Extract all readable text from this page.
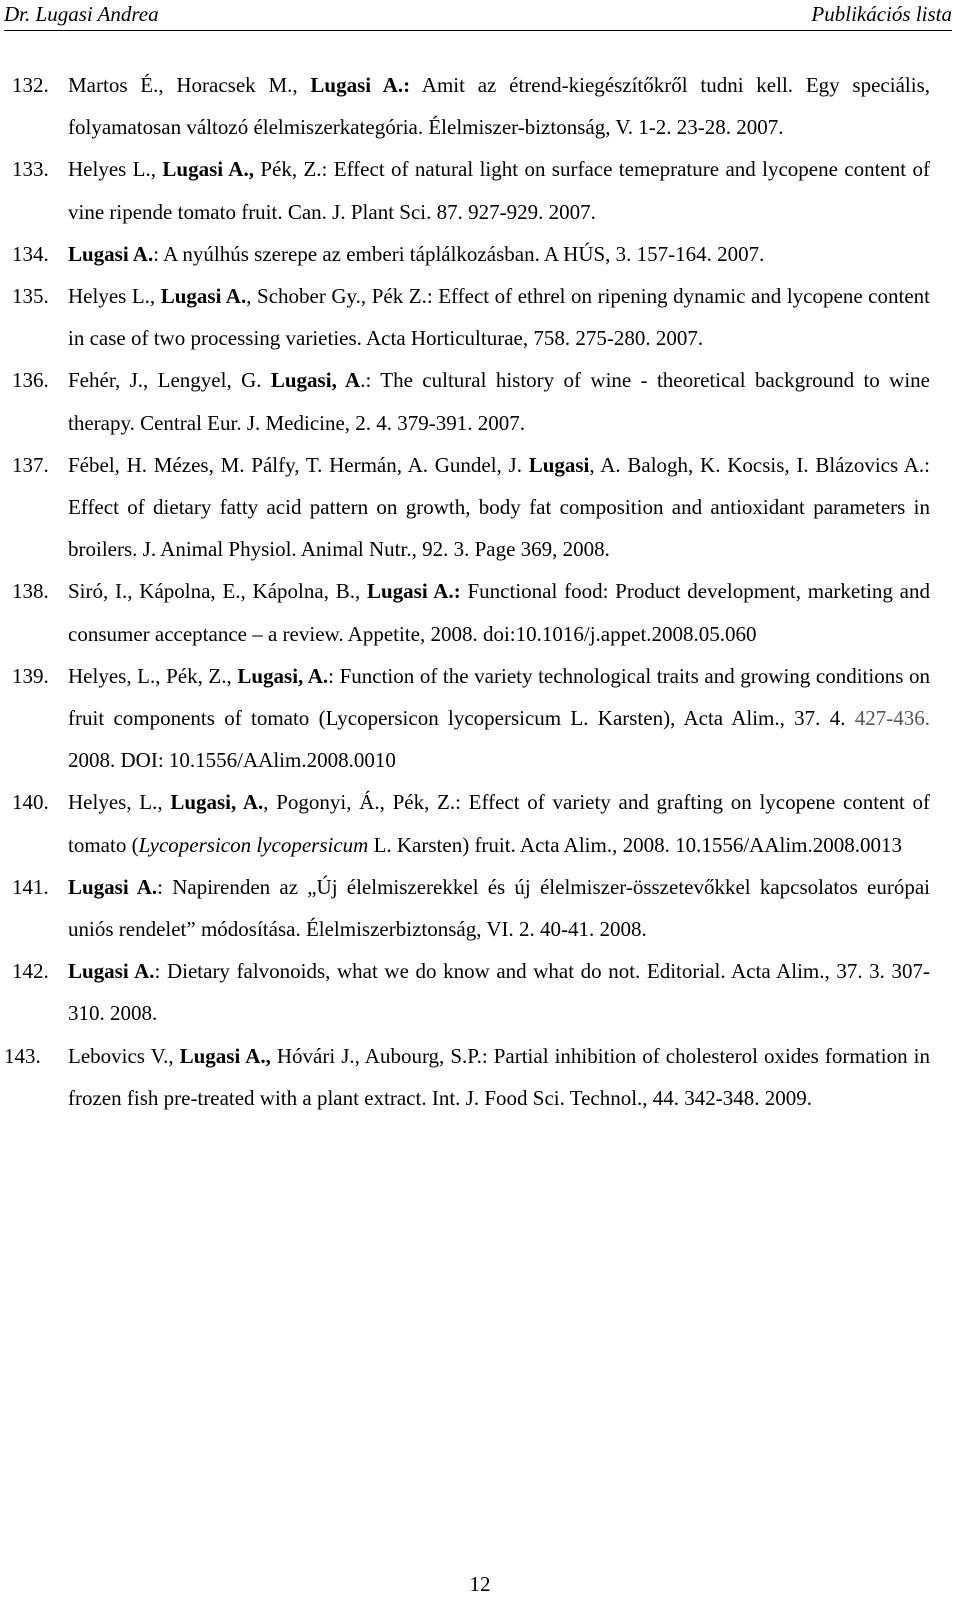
Dr. Lugasi Andrea	Publikációs lista
132. Martos É., Horacsek M., Lugasi A.: Amit az étrend-kiegészítőkről tudni kell. Egy speciális, folyamatosan változó élelmiszerkategória. Élelmiszer-biztonság, V. 1-2. 23-28. 2007.
133. Helyes L., Lugasi A., Pék, Z.: Effect of natural light on surface temeprature and lycopene content of vine ripende tomato fruit. Can. J. Plant Sci. 87. 927-929. 2007.
134. Lugasi A.: A nyúlhús szerepe az emberi táplálkozásban. A HÚS, 3. 157-164. 2007.
135. Helyes L., Lugasi A., Schober Gy., Pék Z.: Effect of ethrel on ripening dynamic and lycopene content in case of two processing varieties. Acta Horticulturae, 758. 275-280. 2007.
136. Fehér, J., Lengyel, G. Lugasi, A.: The cultural history of wine - theoretical background to wine therapy. Central Eur. J. Medicine, 2. 4. 379-391. 2007.
137. Fébel, H. Mézes, M. Pálfy, T. Hermán, A. Gundel, J. Lugasi, A. Balogh, K. Kocsis, I. Blázovics A.: Effect of dietary fatty acid pattern on growth, body fat composition and antioxidant parameters in broilers. J. Animal Physiol. Animal Nutr., 92. 3. Page 369, 2008.
138. Siró, I., Kápolna, E., Kápolna, B., Lugasi A.: Functional food: Product development, marketing and consumer acceptance – a review. Appetite, 2008. doi:10.1016/j.appet.2008.05.060
139. Helyes, L., Pék, Z., Lugasi, A.: Function of the variety technological traits and growing conditions on fruit components of tomato (Lycopersicon lycopersicum L. Karsten), Acta Alim., 37. 4. 427-436. 2008. DOI: 10.1556/AAlim.2008.0010
140. Helyes, L., Lugasi, A., Pogonyi, Á., Pék, Z.: Effect of variety and grafting on lycopene content of tomato (Lycopersicon lycopersicum L. Karsten) fruit. Acta Alim., 2008. 10.1556/AAlim.2008.0013
141. Lugasi A.: Napirenden az „Új élelmiszerekkel és új élelmiszer-összetevőkkel kapcsolatos európai uniós rendelet” módosítása. Élelmiszerbiztonság, VI. 2. 40-41. 2008.
142. Lugasi A.: Dietary falvonoids, what we do know and what do not. Editorial. Acta Alim., 37. 3. 307-310. 2008.
143. Lebovics V., Lugasi A., Hóvári J., Aubourg, S.P.: Partial inhibition of cholesterol oxides formation in frozen fish pre-treated with a plant extract. Int. J. Food Sci. Technol., 44. 342-348. 2009.
12
